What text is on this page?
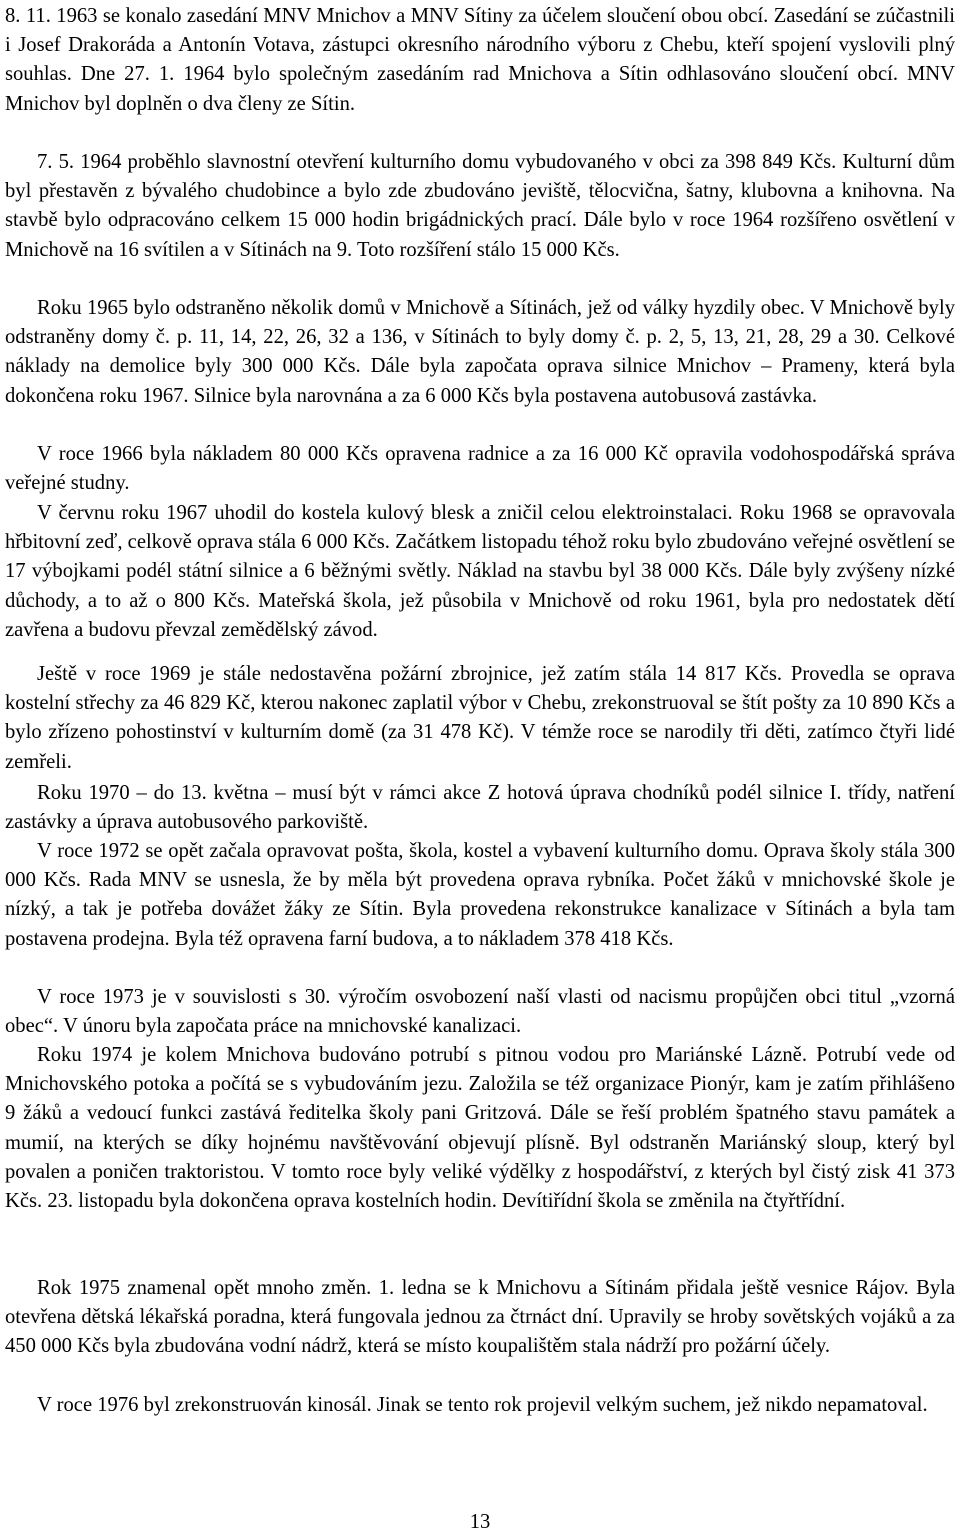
8. 11. 1963 se konalo zasedání MNV Mnichov a MNV Sítiny za účelem sloučení obou obcí. Zasedání se zúčastnili i Josef Drakoráda a Antonín Votava, zástupci okresního národního výboru z Chebu, kteří spojení vyslovili plný souhlas. Dne 27. 1. 1964 bylo společným zasedáním rad Mnichova a Sítin odhlasováno sloučení obcí. MNV Mnichov byl doplněn o dva členy ze Sítin.

7. 5. 1964 proběhlo slavnostní otevření kulturního domu vybudovaného v obci za 398 849 Kčs. Kulturní dům byl přestavěn z bývalého chudobince a bylo zde zbudováno jeviště, tělocvična, šatny, klubovna a knihovna. Na stavbě bylo odpracováno celkem 15 000 hodin brigádnických prací. Dále bylo v roce 1964 rozšířeno osvětlení v Mnichově na 16 svítilen a v Sítinách na 9. Toto rozšíření stálo 15 000 Kčs.

Roku 1965 bylo odstraněno několik domů v Mnichově a Sítinách, jež od války hyzdily obec. V Mnichově byly odstraněny domy č. p. 11, 14, 22, 26, 32 a 136, v Sítinách to byly domy č. p. 2, 5, 13, 21, 28, 29 a 30. Celkové náklady na demolice byly 300 000 Kčs. Dále byla započata oprava silnice Mnichov – Prameny, která byla dokončena roku 1967. Silnice byla narovnána a za 6 000 Kčs byla postavena autobusová zastávka.

V roce 1966 byla nákladem 80 000 Kčs opravena radnice a za 16 000 Kč opravila vodohospodářská správa veřejné studny.

V červnu roku 1967 uhodil do kostela kulový blesk a zničil celou elektroinstalaci. Roku 1968 se opravovala hřbitovní zeď, celkově oprava stála 6 000 Kčs. Začátkem listopadu téhož roku bylo zbudováno veřejné osvětlení se 17 výbojkami podél státní silnice a 6 běžnými světly. Náklad na stavbu byl 38 000 Kčs. Dále byly zvýšeny nízké důchody, a to až o 800 Kčs. Mateřská škola, jež působila v Mnichově od roku 1961, byla pro nedostatek dětí zavřena a budovu převzal zemědělský závod.

Ještě v roce 1969 je stále nedostavěna požární zbrojnice, jež zatím stála 14 817 Kčs. Provedla se oprava kostelní střechy za 46 829 Kč, kterou nakonec zaplatil výbor v Chebu, zrekonstruoval se štít pošty za 10 890 Kčs a bylo zřízeno pohostinství v kulturním domě (za 31 478 Kč). V témže roce se narodily tři děti, zatímco čtyři lidé zemřeli.

Roku 1970 – do 13. května – musí být v rámci akce Z hotová úprava chodníků podél silnice I. třídy, natření zastávky a úprava autobusového parkoviště.

V roce 1972 se opět začala opravovat pošta, škola, kostel a vybavení kulturního domu. Oprava školy stála 300 000 Kčs. Rada MNV se usnesla, že by měla být provedena oprava rybníka. Počet žáků v mnichovské škole je nízký, a tak je potřeba dovážet žáky ze Sítin. Byla provedena rekonstrukce kanalizace v Sítinách a byla tam postavena prodejna. Byla též opravena farní budova, a to nákladem 378 418 Kčs.

V roce 1973 je v souvislosti s 30. výročím osvobození naší vlasti od nacismu propůjčen obci titul „vzorná obec“. V únoru byla započata práce na mnichovské kanalizaci.

Roku 1974 je kolem Mnichova budováno potrubí s pitnou vodou pro Mariánské Lázně. Potrubí vede od Mnichovského potoka a počítá se s vybudováním jezu. Založila se též organizace Pionýr, kam je zatím přihlášeno 9 žáků a vedoucí funkci zastává ředitelka školy pani Gritzová. Dále se řeší problém špatného stavu památek a mumií, na kterých se díky hojnému navštěvování objevují plísně. Byl odstraněn Mariánský sloup, který byl povalen a poničen traktoristou. V tomto roce byly veliké výdělky z hospodářství, z kterých byl čistý zisk 41 373 Kčs. 23. listopadu byla dokončena oprava kostelních hodin. Devítiřídní škola se změnila na čtyřtřídní.

Rok 1975 znamenal opět mnoho změn. 1. ledna se k Mnichovu a Sítinám přidala ještě vesnice Rájov. Byla otevřena dětská lékařská poradna, která fungovala jednou za čtrnáct dní. Upravily se hroby sovětských vojáků a za 450 000 Kčs byla zbudována vodní nádrž, která se místo koupalištěm stala nádrží pro požární účely.

V roce 1976 byl zrekonstruován kinosál. Jinak se tento rok projevil velkým suchem, jež nikdo nepamatoval.

13
